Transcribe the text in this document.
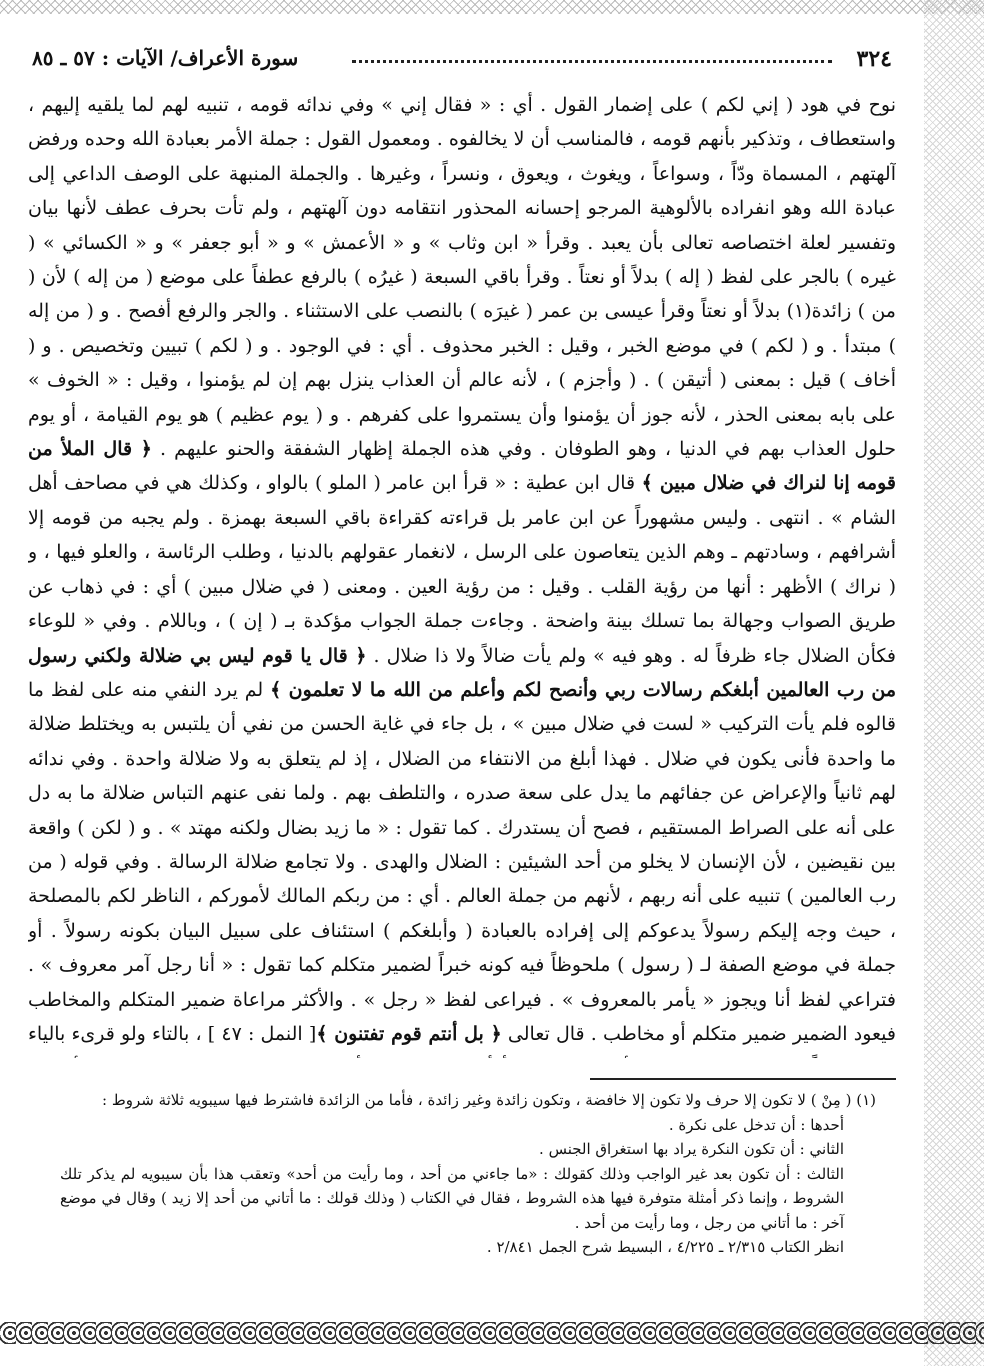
٣٢٤
سورة الأعراف/ الآيات : ٥٧ ـ ٨٥

نوح في هود ( إني لكم ) على إضمار القول . أي : « فقال إني » وفي ندائه قومه ، تنبيه لهم لما يلقيه إليهم ، واستعطاف ، وتذكير بأنهم قومه ، فالمناسب أن لا يخالفوه . ومعمول القول : جملة الأمر بعبادة الله وحده ورفض آلهتهم ، المسماة ودّاً ، وسواعاً ، ويغوث ، ويعوق ، ونسراً ، وغيرها . والجملة المنبهة على الوصف الداعي إلى عبادة الله وهو انفراده بالألوهية المرجو إحسانه المحذور انتقامه دون آلهتهم ، ولم تأت بحرف عطف لأنها بيان وتفسير لعلة اختصاصه تعالى بأن يعبد . وقرأ « ابن وثاب » و « الأعمش » و « أبو جعفر » و « الكسائي » ( غيره ) بالجر على لفظ ( إله ) بدلاً أو نعتاً . وقرأ باقي السبعة ( غيرُه ) بالرفع عطفاً على موضع ( من إله ) لأن ( من ) زائدة(١) بدلاً أو نعتاً وقرأ عيسى بن عمر ( غيرَه ) بالنصب على الاستثناء . والجر والرفع أفصح . و ( من إله ) مبتدأ . و ( لكم ) في موضع الخبر ، وقيل : الخبر محذوف . أي : في الوجود . و ( لكم ) تبيين وتخصيص . و ( أخاف ) قيل : بمعنى ( أتيقن ) . ( وأجزم ) ، لأنه عالم أن العذاب ينزل بهم إن لم يؤمنوا ، وقيل : « الخوف » على بابه بمعنى الحذر ، لأنه جوز أن يؤمنوا وأن يستمروا على كفرهم . و ( يوم عظيم ) هو يوم القيامة ، أو يوم حلول العذاب بهم في الدنيا ، وهو الطوفان . وفي هذه الجملة إظهار الشفقة والحنو عليهم . ﴿ قال الملأ من قومه إنا لنراك في ضلال مبين ﴾ قال ابن عطية : « قرأ ابن عامر ( الملو ) بالواو ، وكذلك هي في مصاحف أهل الشام » . انتهى . وليس مشهوراً عن ابن عامر بل قراءته كقراءة باقي السبعة بهمزة . ولم يجبه من قومه إلا أشرافهم ، وسادتهم ـ وهم الذين يتعاصون على الرسل ، لانغمار عقولهم بالدنيا ، وطلب الرئاسة ، والعلو فيها ، و ( نراك ) الأظهر : أنها من رؤية القلب . وقيل : من رؤية العين . ومعنى ( في ضلال مبين ) أي : في ذهاب عن طريق الصواب وجهالة بما تسلك بينة واضحة . وجاءت جملة الجواب مؤكدة بـ ( إن ) ، وباللام . وفي « للوعاء فكأن الضلال جاء ظرفاً له . وهو فيه » ولم يأت ضالاً ولا ذا ضلال . ﴿ قال يا قوم ليس بي ضلالة ولكني رسول من رب العالمين أبلغكم رسالات ربي وأنصح لكم وأعلم من الله ما لا تعلمون ﴾ لم يرد النفي منه على لفظ ما قالوه فلم يأت التركيب « لست في ضلال مبين » ، بل جاء في غاية الحسن من نفي أن يلتبس به ويختلط ضلالة ما واحدة فأنى يكون في ضلال . فهذا أبلغ من الانتفاء من الضلال ، إذ لم يتعلق به ولا ضلالة واحدة . وفي ندائه لهم ثانياً والإعراض عن جفائهم ما يدل على سعة صدره ، والتلطف بهم . ولما نفى عنهم التباس ضلالة ما به دل على أنه على الصراط المستقيم ، فصح أن يستدرك . كما تقول : « ما زيد بضال ولكنه مهتد » . و ( لكن ) واقعة بين نقيضين ، لأن الإنسان لا يخلو من أحد الشيئين : الضلال والهدى . ولا تجامع ضلالة الرسالة . وفي قوله ( من رب العالمين ) تنبيه على أنه ربهم ، لأنهم من جملة العالم . أي : من ربكم المالك لأموركم ، الناظر لكم بالمصلحة ، حيث وجه إليكم رسولاً يدعوكم إلى إفراده بالعبادة ( وأبلغكم ) استئناف على سبيل البيان بكونه رسولاً . أو جملة في موضع الصفة لـ ( رسول ) ملحوظاً فيه كونه خبراً لضمير متكلم كما تقول : « أنا رجل آمر معروف » . فتراعي لفظ أنا ويجوز « يأمر بالمعروف » . فيراعى لفظ « رجل » . والأكثر مراعاة ضمير المتكلم والمخاطب فيعود الضمير ضمير متكلم أو مخاطب . قال تعالى ﴿ بل أنتم قوم تفتنون ﴾[ النمل : ٤٧ ] ، بالتاء ولو قرىء بالياء

(١) ( مِنْ ) لا تكون إلا حرف ولا تكون إلا خافضة ، وتكون زائدة وغير زائدة ، فأما من الزائدة فاشترط فيها سيبويه ثلاثة شروط :

أحدها : أن تدخل على نكرة .

الثاني : أن تكون النكرة يراد بها استغراق الجنس .

الثالث : أن تكون بعد غير الواجب وذلك كقولك : «ما جاءني من أحد ، وما رأيت من أحد» وتعقب هذا بأن سيبويه لم يذكر تلك الشروط ، وإنما ذكر أمثلة متوفرة فيها هذه الشروط ، فقال في الكتاب ( وذلك قولك : ما أتاني من أحد إلا زيد ) وقال في موضع آخر : ما أتاني من رجل ، وما رأيت من أحد .

انظر الكتاب ٢/٣١٥ ـ ٤/٢٢٥ ، البسيط شرح الجمل ٢/٨٤١ .
